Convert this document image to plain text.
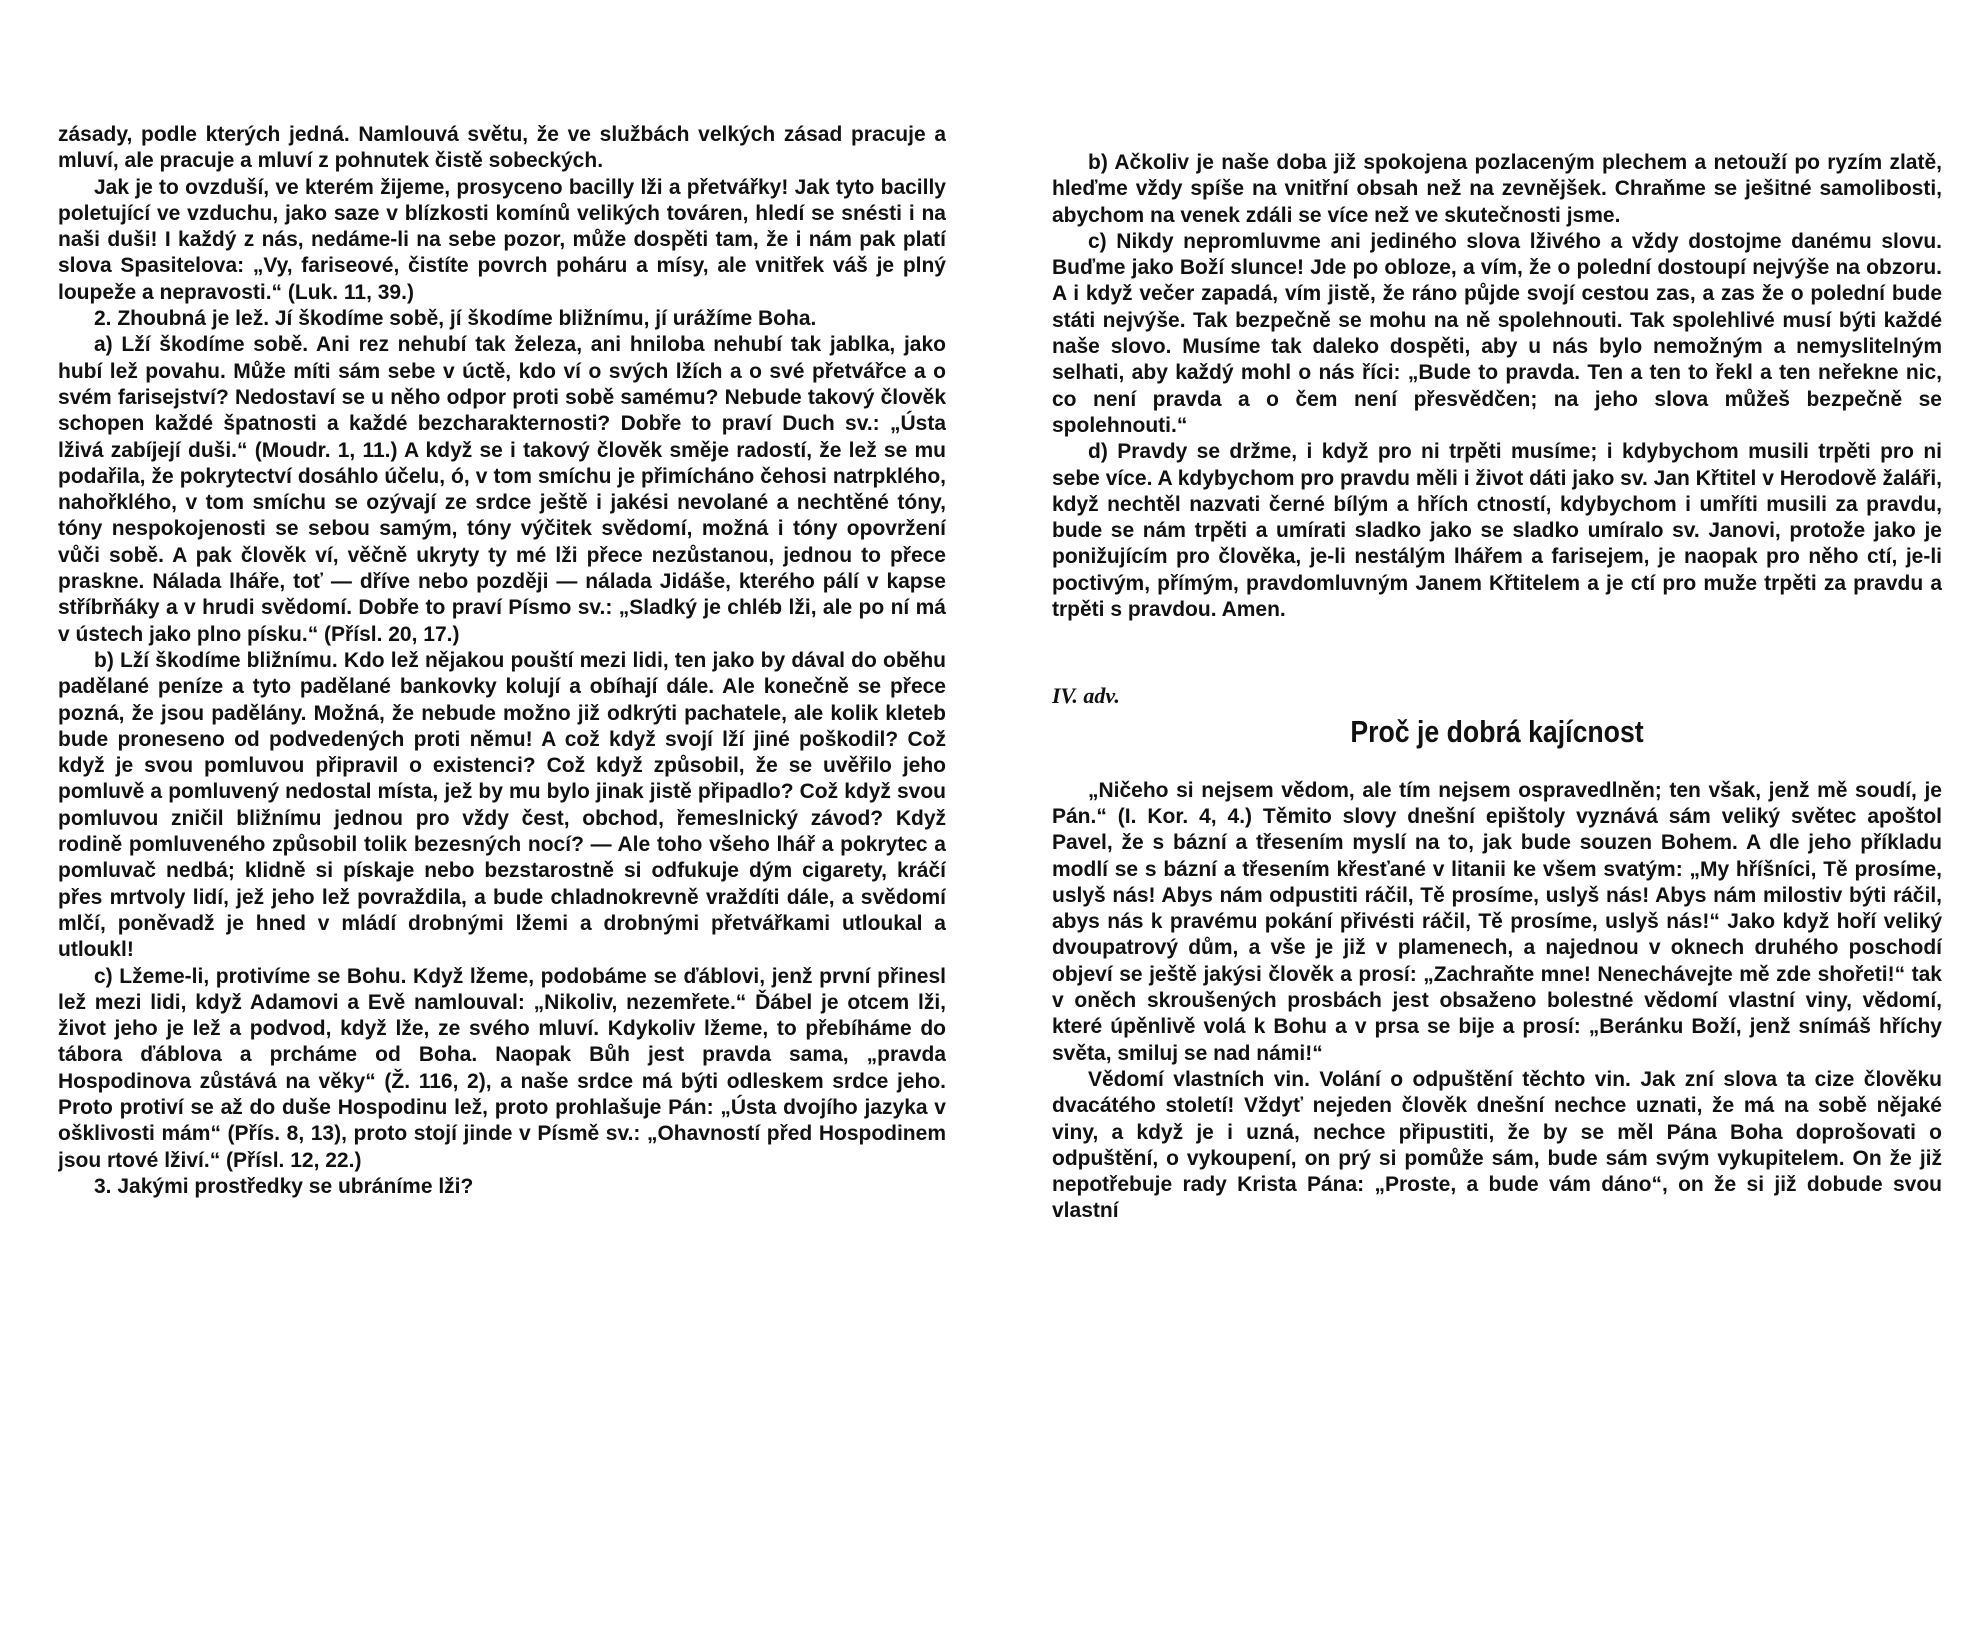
zásady, podle kterých jedná. Namlouvá světu, že ve službách velkých zásad pracuje a mluví, ale pracuje a mluví z pohnutek čistě sobeckých.

Jak je to ovzduší, ve kterém žijeme, prosyceno bacilly lži a přetvářky! Jak tyto bacilly poletující ve vzduchu, jako saze v blízkosti komínů velikých továren, hledí se snésti i na naši duši! I každý z nás, nedáme-li na sebe pozor, může dospěti tam, že i nám pak platí slova Spasitelova: „Vy, fariseové, čistíte povrch poháru a mísy, ale vnitřek váš je plný loupeže a nepravosti.“ (Luk. 11, 39.)

2. Zhoubná je lež. Jí škodíme sobě, jí škodíme bližnímu, jí urážíme Boha.

a) Lží škodíme sobě. Ani rez nehubí tak železa, ani hniloba nehubí tak jablka, jako hubí lež povahu. Může míti sám sebe v úctě, kdo ví o svých lžích a o své přetvářce a o svém farisejství? Nedostaví se u něho odpor proti sobě samému? Nebude takový člověk schopen každé špatnosti a každé bezcharakternosti? Dobře to praví Duch sv.: „Ústa lživá zabíjejí duši.“ (Moudr. 1, 11.) A když se i takový člověk směje radostí, že lež se mu podařila, že pokrytectví dosáhlo účelu, ó, v tom smíchu je přimícháno čehosi natrpklého, nahořklého, v tom smíchu se ozývají ze srdce ještě i jakési nevolané a nechtěné tóny, tóny nespokojenosti se sebou samým, tóny výčitek svědomí, možná i tóny opovržení vůči sobě. A pak člověk ví, věčně ukryty ty mé lži přece nezůstanou, jednou to přece praskne. Nálada lháře, toť — dříve nebo později — nálada Jidáše, kterého pálí v kapse stříbrňáky a v hrudi svědomí. Dobře to praví Písmo sv.: „Sladký je chléb lži, ale po ní má v ústech jako plno písku.“ (Přísl. 20, 17.)

b) Lží škodíme bližnímu. Kdo lež nějakou pouští mezi lidi, ten jako by dával do oběhu padělané peníze a tyto padělané bankovky kolují a obíhají dále. Ale konečně se přece pozná, že jsou padělány. Možná, že nebude možno již odkrýti pachatele, ale kolik kleteb bude proneseno od podvedených proti němu! A což když svojí lží jiné poškodil? Což když je svou pomluvou připravil o existenci? Což když způsobil, že se uvěřilo jeho pomluvě a pomluvený nedostal místa, jež by mu bylo jinak jistě připadlo? Což když svou pomluvou zničil bližnímu jednou pro vždy čest, obchod, řemeslnický závod? Když rodině pomluveného způsobil tolik bezesných nocí? — Ale toho všeho lhář a pokrytec a pomluvač nedbá; klidně si pískaje nebo bezstarostně si odfukuje dým cigarety, kráčí přes mrtvoly lidí, jež jeho lež povraždila, a bude chladnokrevně vraždíti dále, a svědomí mlčí, poněvadž je hned v mládí drobnými lžemi a drobnými přetvářkami utloukal a utloukl!

c) Lžeme-li, protivíme se Bohu. Když lžeme, podobáme se ďáblovi, jenž první přinesl lež mezi lidi, když Adamovi a Evě namlouval: „Nikoliv, nezemřete.“ Ďábel je otcem lži, život jeho je lež a podvod, když lže, ze svého mluví. Kdykoliv lžeme, to přebíháme do tábora ďáblova a prcháme od Boha. Naopak Bůh jest pravda sama, „pravda Hospodinova zůstává na věky“ (Ž. 116, 2), a naše srdce má býti odleskem srdce jeho. Proto protiví se až do duše Hospodinu lež, proto prohlašuje Pán: „Ústa dvojího jazyka v ošklivosti mám“ (Přís. 8, 13), proto stojí jinde v Písmě sv.: „Ohavností před Hospodinem jsou rtové lživí.“ (Přísl. 12, 22.)

3. Jakými prostředky se ubráníme lži?

b) Ačkoliv je naše doba již spokojena pozlaceným plechem a netouží po ryzím zlatě, hleďme vždy spíše na vnitřní obsah než na zevnějšek. Chraňme se ješitné samolibosti, abychom na venek zdáli se více než ve skutečnosti jsme.

c) Nikdy nepromluvme ani jediného slova lživého a vždy dostojme danému slovu. Buďme jako Boží slunce! Jde po obloze, a vím, že o polední dostoupí nejvýše na obzoru. A i když večer zapadá, vím jistě, že ráno půjde svojí cestou zas, a zas že o polední bude státi nejvýše. Tak bezpečně se mohu na ně spolehnouti. Tak spolehlivé musí býti každé naše slovo. Musíme tak daleko dospěti, aby u nás bylo nemožným a nemyslitelným selhati, aby každý mohl o nás říci: „Bude to pravda. Ten a ten to řekl a ten neřekne nic, co není pravda a o čem není přesvědčen; na jeho slova můžeš bezpečně se spolehnouti.“

d) Pravdy se držme, i když pro ni trpěti musíme; i kdybychom musili trpěti pro ni sebe více. A kdybychom pro pravdu měli i život dáti jako sv. Jan Křtitel v Herodově žaláři, když nechtěl nazvati černé bílým a hřích ctností, kdybychom i umříti musili za pravdu, bude se nám trpěti a umírati sladko jako se sladko umíralo sv. Janovi, protože jako je ponižujícím pro člověka, je-li nestálým lhářem a farisejem, je naopak pro něho ctí, je-li poctivým, přímým, pravdomluvným Janem Křtitelem a je ctí pro muže trpěti za pravdu a trpěti s pravdou. Amen.

IV. adv.

Proč je dobrá kajícnost

„Ničeho si nejsem vědom, ale tím nejsem ospravedlněn; ten však, jenž mě soudí, je Pán.“ (I. Kor. 4, 4.) Těmito slovy dnešní epištoly vyznává sám veliký světec apoštol Pavel, že s bázní a třesením myslí na to, jak bude souzen Bohem. A dle jeho příkladu modlí se s bázní a třesením křesťané v litanii ke všem svatým: „My hříšníci, Tě prosíme, uslyš nás! Abys nám odpustiti ráčil, Tě prosíme, uslyš nás! Abys nám milostiv býti ráčil, abys nás k pravému pokání přivésti ráčil, Tě prosíme, uslyš nás!“ Jako když hoří veliký dvoupatrový dům, a vše je již v plamenech, a najednou v oknech druhého poschodí objeví se ještě jakýsi člověk a prosí: „Zachraňte mne! Nenechávejte mě zde shořeti!“ tak v oněch skroušených prosbách jest obsaženo bolestné vědomí vlastní viny, vědomí, které úpěnlivě volá k Bohu a v prsa se bije a prosí: „Beránku Boží, jenž snímáš hříchy světa, smiluj se nad námi!“

Vědomí vlastních vin. Volání o odpuštění těchto vin. Jak zní slova ta cize člověku dvacátého století! Vždyť nejeden člověk dnešní nechce uznati, že má na sobě nějaké viny, a když je i uzná, nechce připustiti, že by se měl Pána Boha doprošovati o odpuštění, o vykoupení, on prý si pomůže sám, bude sám svým vykupitelem. On že již nepotřebuje rady Krista Pána: „Proste, a bude vám dáno“, on že si již dobude svou vlastní
